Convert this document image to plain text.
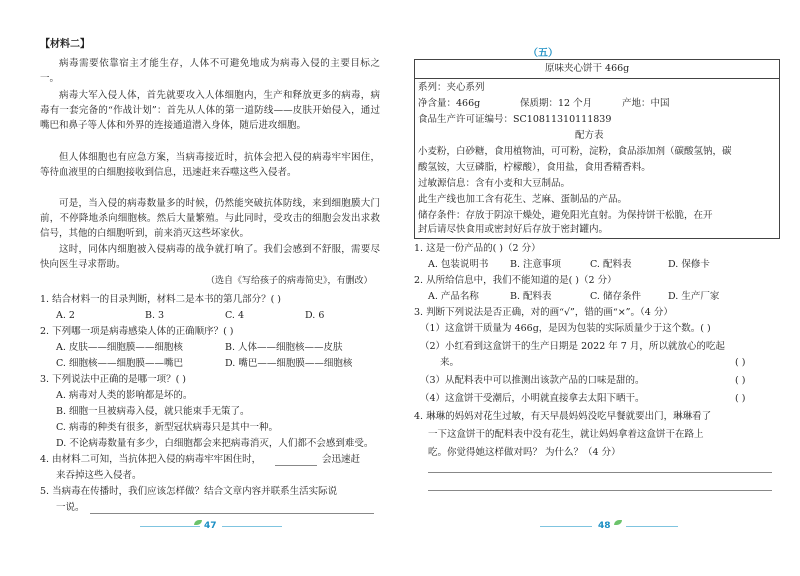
【材料二】
病毒需要依靠宿主才能生存，人体不可避免地成为病毒入侵的主要目标之一。
病毒大军入侵人体，首先就要攻入人体细胞内，生产和释放更多的病毒，病毒有一套完备的“作战计划”：首先从人体的第一道防线——皮肤开始侵入，通过嘴巴和鼻子等人体和外界的连接通道潜入身体，随后进攻细胞。
但人体细胞也有应急方案，当病毒接近时，抗体会把入侵的病毒牢牢困住，等待血液里的白细胞接收到信息，迅速赶来吞噬这些入侵者。
可是，当入侵的病毒数量多的时候，仍然能突破抗体防线，来到细胞膜大门前，不停降地杀向细胞核。然后大量繁殖。与此同时，受攻击的细胞会发出求救信号，其他的白细胞听到，前来消灭这些坏家伙。
这时，同体内细胞被入侵病毒的战争就打响了。我们会感到不舒服，需要尽快向医生寻求帮助。
（选自《写给孩子的病毒简史》，有删改）
1. 结合材料一的目录判断，材料二是本书的第几部分？( )
A. 2	B. 3	C. 4	D. 6
2. 下列哪一项是病毒感染人体的正确顺序？( )
A. 皮肤——细胞膜——细胞核	B. 人体——细胞核——皮肤
C. 细胞核——细胞膜——嘴巴	D. 嘴巴——细胞膜——细胞核
3. 下列说法中正确的是哪一项？( )
A. 病毒对人类的影响都是坏的。
B. 细胞一旦被病毒入侵，就只能束手无策了。
C. 病毒的种类有很多，新型冠状病毒只是其中一种。
D. 不论病毒数量有多少，白细胞都会来把病毒消灭，人们都不会感到难受。
4. 由材料二可知，当抗体把入侵的病毒牢牢困住时，	会迅速赶
来吞掉这些入侵者。
5. 当病毒在传播时，我们应该怎样做？结合文章内容并联系生活实际说
一说。
47
（五）
原味夹心饼干 466g
系列：夹心系列
净含量：466g	保质期：12 个月	产地：中国
食品生产许可证编号：SC10811310111839
配方表
小麦粉，白砂糖，食用植物油，可可粉，淀粉，食品添加剂（碳酸氢钠，碳
酸氢铵，大豆磷脂，柠檬酸），食用盐，食用香精香料。
过敏源信息：含有小麦和大豆制品。
此生产线也加工含有花生、芝麻、蛋制品的产品。
储存条件：存放于阴凉干燥处，避免阳光直射。为保持饼干松脆，在开
封后请尽快食用或密封好后存放于密封罐内。
1. 这是一份产品的( )（2 分）
A. 包装说明书 B. 注意事项	C. 配料表	D. 保修卡
2. 从所给信息中，我们不能知道的是( )（2 分）
A. 产品名称	B. 配料表	C. 储存条件	D. 生产厂家
3. 判断下列说法是否正确，对的画“√”，错的画“×”。（4 分）
（1）这盒饼干质量为 466g，是因为包装的实际质量少于这个数。( )
（2）小红看到这盒饼干的生产日期是 2022 年 7 月，所以就放心的吃起
来。	( )
（3）从配料表中可以推测出该款产品的口味是甜的。	( )
（4）这盒饼干受潮后，小明就直接拿去太阳下晒干。	( )
4. 琳琳的妈妈对花生过敏，有天早晨妈妈没吃早餐就要出门，琳琳看了
一下这盒饼干的配料表中没有花生，就让妈妈拿着这盒饼干在路上
吃。你觉得她这样做对吗？ 为什么？（4 分）
48
